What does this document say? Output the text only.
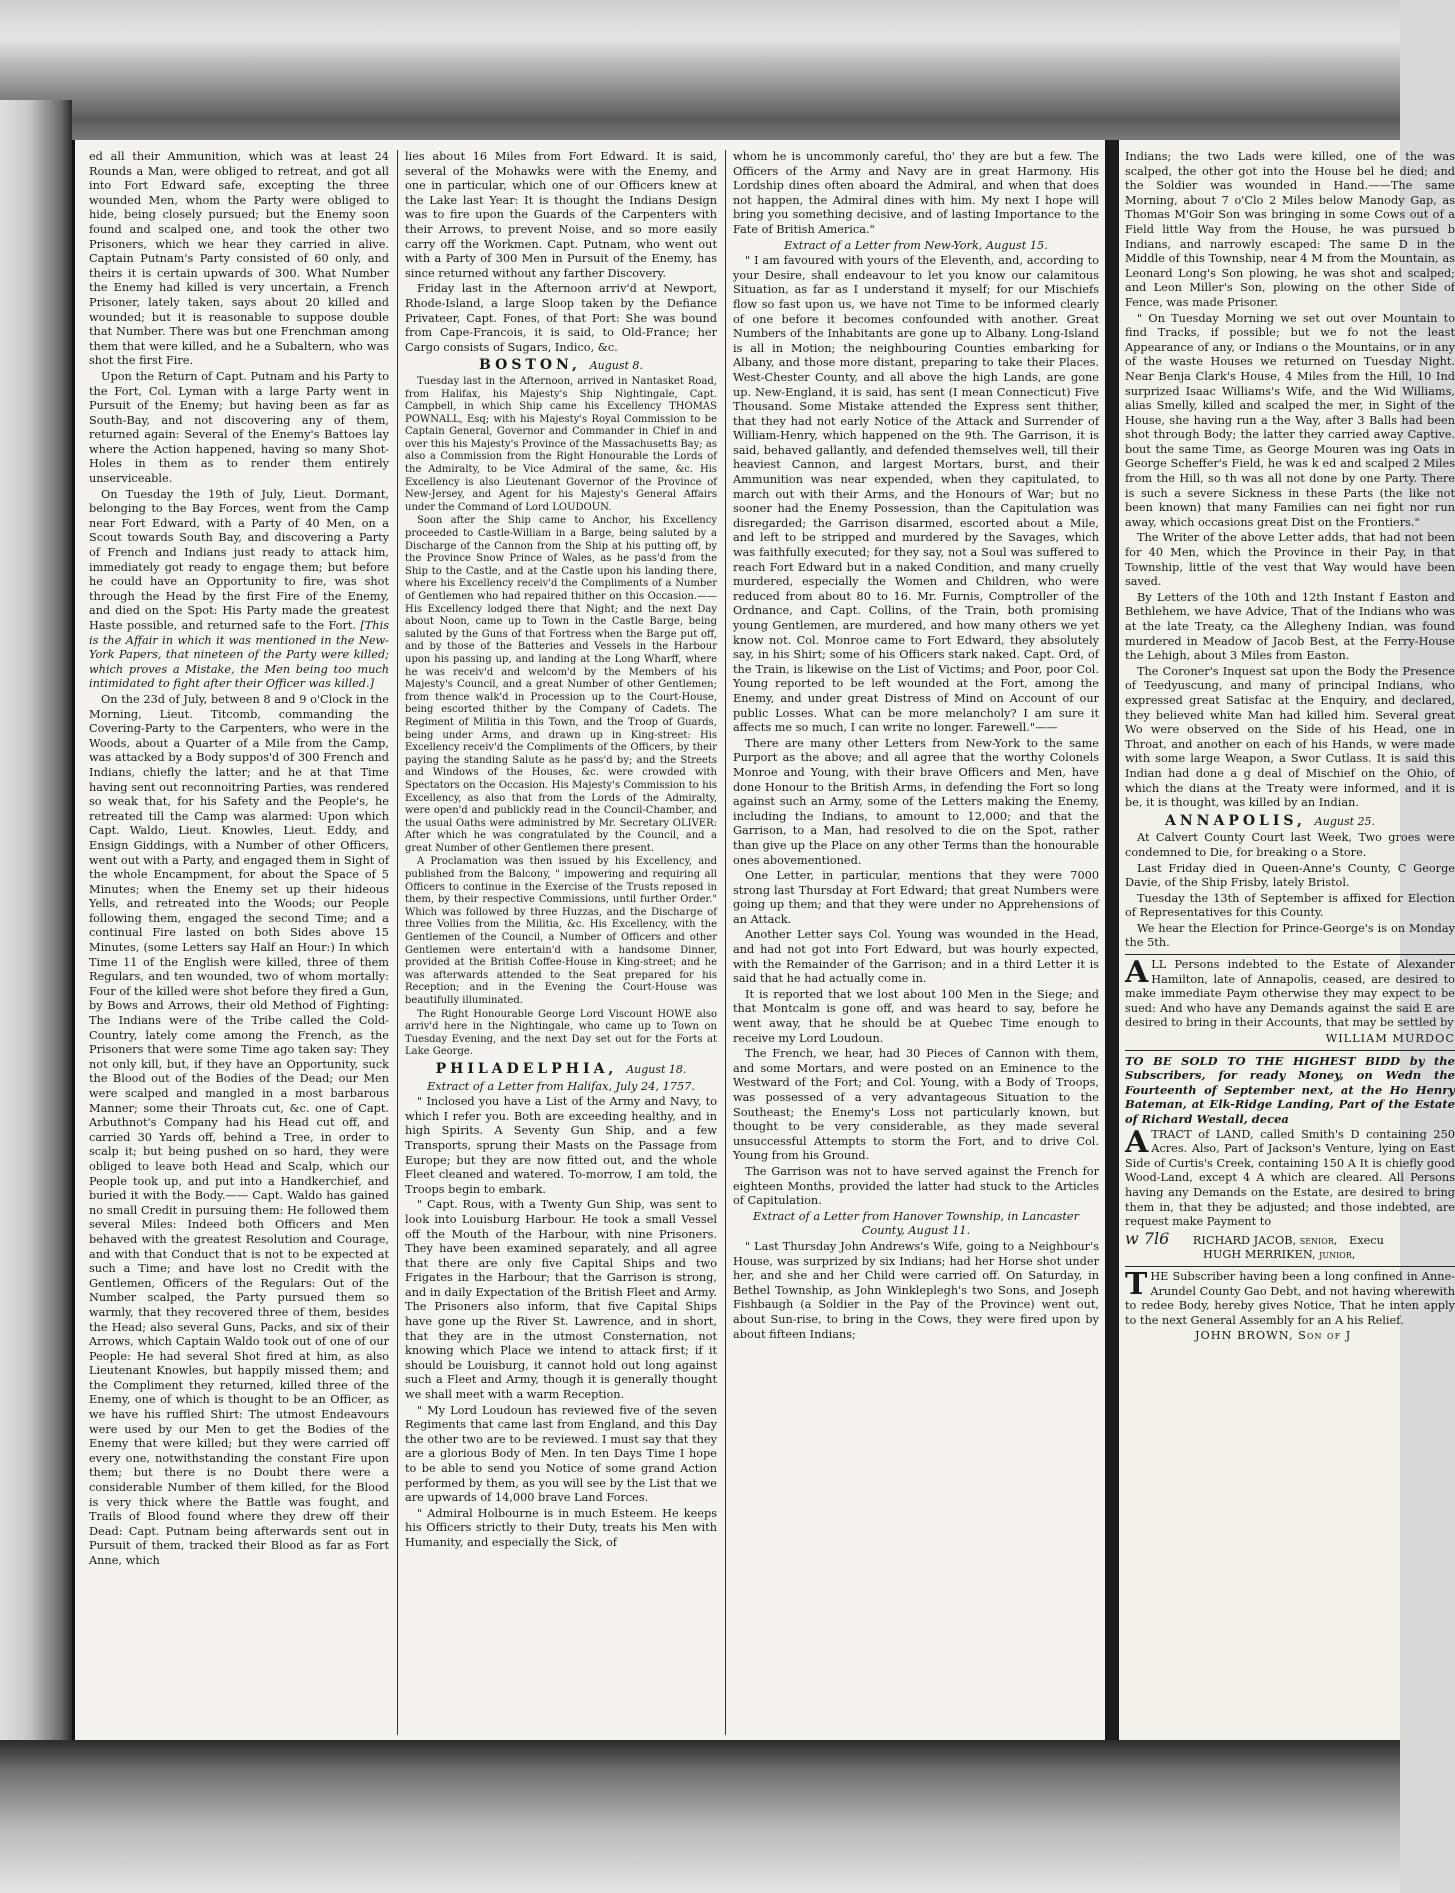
ed all their Ammunition, which was at least 24 Rounds a Man, were obliged to retreat, and got all into Fort Edward safe, excepting the three wounded Men, whom the Party were obliged to hide, being closely pursued; but the Enemy soon found and scalped one, and took the other two Prisoners, which we hear they carried in alive. Captain Putnam's Party consisted of 60 only, and theirs it is certain upwards of 300. What Number the Enemy had killed is very uncertain, a French Prisoner, lately taken, says about 20 killed and wounded; but it is reasonable to suppose double that Number. There was but one Frenchman among them that were killed, and he a Subaltern, who was shot the first Fire.

Upon the Return of Capt. Putnam and his Party to the Fort, Col. Lyman with a large Party went in Pursuit of the Enemy; but having been as far as South-Bay, and not discovering any of them, returned again: Several of the Enemy's Battoes lay where the Action happened, having so many Shot-Holes in them as to render them entirely unserviceable.

On Tuesday the 19th of July, Lieut. Dormant, belonging to the Bay Forces, went from the Camp near Fort Edward, with a Party of 40 Men, on a Scout towards South Bay, and discovering a Party of French and Indians just ready to attack him, immediately got ready to engage them; but before he could have an Opportunity to fire, was shot through the Head by the first Fire of the Enemy, and died on the Spot: His Party made the greatest Haste possible, and returned safe to the Fort. [This is the Affair in which it was mentioned in the New-York Papers, that nineteen of the Party were killed; which proves a Mistake, the Men being too much intimidated to fight after their Officer was killed.]

On the 23d of July, between 8 and 9 o'Clock in the Morning, Lieut. Titcomb, commanding the Covering-Party to the Carpenters, who were in the Woods, about a Quarter of a Mile from the Camp, was attacked by a Body suppos'd of 300 French and Indians, chiefly the latter; and he at that Time having sent out reconnoitring Parties, was rendered so weak that, for his Safety and the People's, he retreated till the Camp was alarmed: Upon which Capt. Waldo, Lieut. Knowles, Lieut. Eddy, and Ensign Giddings, with a Number of other Officers, went out with a Party, and engaged them in Sight of the whole Encampment, for about the Space of 5 Minutes; when the Enemy set up their hideous Yells, and retreated into the Woods; our People following them, engaged the second Time; and a continual Fire lasted on both Sides above 15 Minutes, (some Letters say Half an Hour:) In which Time 11 of the English were killed, three of them Regulars, and ten wounded, two of whom mortally: Four of the killed were shot before they fired a Gun, by Bows and Arrows, their old Method of Fighting: The Indians were of the Tribe called the Cold-Country, lately come among the French, as the Prisoners that were some Time ago taken say: They not only kill, but, if they have an Opportunity, suck the Blood out of the Bodies of the Dead; our Men were scalped and mangled in a most barbarous Manner; some their Throats cut, &c. one of Capt. Arbuthnot's Company had his Head cut off, and carried 30 Yards off, behind a Tree, in order to scalp it; but being pushed on so hard, they were obliged to leave both Head and Scalp, which our People took up, and put into a Handkerchief, and buried it with the Body.—— Capt. Waldo has gained no small Credit in pursuing them: He followed them several Miles: Indeed both Officers and Men behaved with the greatest Resolution and Courage, and with that Conduct that is not to be expected at such a Time; and have lost no Credit with the Gentlemen, Officers of the Regulars: Out of the Number scalped, the Party pursued them so warmly, that they recovered three of them, besides the Head; also several Guns, Packs, and six of their Arrows, which Captain Waldo took out of one of our People: He had several Shot fired at him, as also Lieutenant Knowles, but happily missed them; and the Compliment they returned, killed three of the Enemy, one of which is thought to be an Officer, as we have his ruffled Shirt: The utmost Endeavours were used by our Men to get the Bodies of the Enemy that were killed; but they were carried off every one, notwithstanding the constant Fire upon them; but there is no Doubt there were a considerable Number of them killed, for the Blood is very thick where the Battle was fought, and Trails of Blood found where they drew off their Dead: Capt. Putnam being afterwards sent out in Pursuit of them, tracked their Blood as far as Fort Anne, which

lies about 16 Miles from Fort Edward. It is said, several of the Mohawks were with the Enemy, and one in particular, which one of our Officers knew at the Lake last Year: It is thought the Indians Design was to fire upon the Guards of the Carpenters with their Arrows, to prevent Noise, and so more easily carry off the Workmen. Capt. Putnam, who went out with a Party of 300 Men in Pursuit of the Enemy, has since returned without any farther Discovery.

Friday last in the Afternoon arriv'd at Newport, Rhode-Island, a large Sloop taken by the Defiance Privateer, Capt. Fones, of that Port: She was bound from Cape-Francois, it is said, to Old-France; her Cargo consists of Sugars, Indico, &c.

BOSTON, August 8.

Tuesday last in the Afternoon, arrived in Nantasket Road, from Halifax, his Majesty's Ship Nightingale, Capt. Campbell, in which Ship came his Excellency THOMAS POWNALL, Esq; with his Majesty's Royal Commission to be Captain General, Governor and Commander in Chief in and over this his Majesty's Province of the Massachusetts Bay; as also a Commission from the Right Honourable the Lords of the Admiralty, to be Vice Admiral of the same, &c. His Excellency is also Lieutenant Governor of the Province of New-Jersey, and Agent for his Majesty's General Affairs under the Command of Lord LOUDOUN.

Soon after the Ship came to Anchor, his Excellency proceeded to Castle-William in a Barge, being saluted by a Discharge of the Cannon from the Ship at his putting off, by the Province Snow Prince of Wales, as he pass'd from the Ship to the Castle, and at the Castle upon his landing there, where his Excellency receiv'd the Compliments of a Number of Gentlemen who had repaired thither on this Occasion.——His Excellency lodged there that Night; and the next Day about Noon, came up to Town in the Castle Barge, being saluted by the Guns of that Fortress when the Barge put off, and by those of the Batteries and Vessels in the Harbour upon his passing up, and landing at the Long Wharff, where he was receiv'd and welcom'd by the Members of his Majesty's Council, and a great Number of other Gentlemen; from thence walk'd in Procession up to the Court-House, being escorted thither by the Company of Cadets. The Regiment of Militia in this Town, and the Troop of Guards, being under Arms, and drawn up in King-street: His Excellency receiv'd the Compliments of the Officers, by their paying the standing Salute as he pass'd by; and the Streets and Windows of the Houses, &c. were crowded with Spectators on the Occasion. His Majesty's Commission to his Excellency, as also that from the Lords of the Admiralty, were open'd and publickly read in the Council-Chamber, and the usual Oaths were administred by Mr. Secretary OLIVER: After which he was congratulated by the Council, and a great Number of other Gentlemen there present.

A Proclamation was then issued by his Excellency, and published from the Balcony, " impowering and requiring all Officers to continue in the Exercise of the Trusts reposed in them, by their respective Commissions, until further Order." Which was followed by three Huzzas, and the Discharge of three Vollies from the Militia, &c. His Excellency, with the Gentlemen of the Council, a Number of Officers and other Gentlemen were entertain'd with a handsome Dinner, provided at the British Coffee-House in King-street; and he was afterwards attended to the Seat prepared for his Reception; and in the Evening the Court-House was beautifully illuminated.

The Right Honourable George Lord Viscount HOWE also arriv'd here in the Nightingale, who came up to Town on Tuesday Evening, and the next Day set out for the Forts at Lake George.

PHILADELPHIA, August 18.

Extract of a Letter from Halifax, July 24, 1757.

" Inclosed you have a List of the Army and Navy, to which I refer you. Both are exceeding healthy, and in high Spirits. A Seventy Gun Ship, and a few Transports, sprung their Masts on the Passage from Europe; but they are now fitted out, and the whole Fleet cleaned and watered. To-morrow, I am told, the Troops begin to embark.

" Capt. Rous, with a Twenty Gun Ship, was sent to look into Louisburg Harbour. He took a small Vessel off the Mouth of the Harbour, with nine Prisoners. They have been examined separately, and all agree that there are only five Capital Ships and two Frigates in the Harbour; that the Garrison is strong, and in daily Expectation of the British Fleet and Army. The Prisoners also inform, that five Capital Ships have gone up the River St. Lawrence, and in short, that they are in the utmost Consternation, not knowing which Place we intend to attack first; if it should be Louisburg, it cannot hold out long against such a Fleet and Army, though it is generally thought we shall meet with a warm Reception.

" My Lord Loudoun has reviewed five of the seven Regiments that came last from England, and this Day the other two are to be reviewed. I must say that they are a glorious Body of Men. In ten Days Time I hope to be able to send you Notice of some grand Action performed by them, as you will see by the List that we are upwards of 14,000 brave Land Forces.

" Admiral Holbourne is in much Esteem. He keeps his Officers strictly to their Duty, treats his Men with Humanity, and especially the Sick, of

whom he is uncommonly careful, tho' they are but a few. The Officers of the Army and Navy are in great Harmony. His Lordship dines often aboard the Admiral, and when that does not happen, the Admiral dines with him. My next I hope will bring you something decisive, and of lasting Importance to the Fate of British America."

Extract of a Letter from New-York, August 15.

" I am favoured with yours of the Eleventh, and, according to your Desire, shall endeavour to let you know our calamitous Situation, as far as I understand it myself; for our Mischiefs flow so fast upon us, we have not Time to be informed clearly of one before it becomes confounded with another. Great Numbers of the Inhabitants are gone up to Albany. Long-Island is all in Motion; the neighbouring Counties embarking for Albany, and those more distant, preparing to take their Places. West-Chester County, and all above the high Lands, are gone up. New-England, it is said, has sent (I mean Connecticut) Five Thousand. Some Mistake attended the Express sent thither, that they had not early Notice of the Attack and Surrender of William-Henry, which happened on the 9th. The Garrison, it is said, behaved gallantly, and defended themselves well, till their heaviest Cannon, and largest Mortars, burst, and their Ammunition was near expended, when they capitulated, to march out with their Arms, and the Honours of War; but no sooner had the Enemy Possession, than the Capitulation was disregarded; the Garrison disarmed, escorted about a Mile, and left to be stripped and murdered by the Savages, which was faithfully executed; for they say, not a Soul was suffered to reach Fort Edward but in a naked Condition, and many cruelly murdered, especially the Women and Children, who were reduced from about 80 to 16. Mr. Furnis, Comptroller of the Ordnance, and Capt. Collins, of the Train, both promising young Gentlemen, are murdered, and how many others we yet know not. Col. Monroe came to Fort Edward, they absolutely say, in his Shirt; some of his Officers stark naked. Capt. Ord, of the Train, is likewise on the List of Victims; and Poor, poor Col. Young reported to be left wounded at the Fort, among the Enemy, and under great Distress of Mind on Account of our public Losses. What can be more melancholy? I am sure it affects me so much, I can write no longer. Farewell."——

There are many other Letters from New-York to the same Purport as the above; and all agree that the worthy Colonels Monroe and Young, with their brave Officers and Men, have done Honour to the British Arms, in defending the Fort so long against such an Army, some of the Letters making the Enemy, including the Indians, to amount to 12,000; and that the Garrison, to a Man, had resolved to die on the Spot, rather than give up the Place on any other Terms than the honourable ones abovementioned.

One Letter, in particular, mentions that they were 7000 strong last Thursday at Fort Edward; that great Numbers were going up them; and that they were under no Apprehensions of an Attack.

Another Letter says Col. Young was wounded in the Head, and had not got into Fort Edward, but was hourly expected, with the Remainder of the Garrison; and in a third Letter it is said that he had actually come in.

It is reported that we lost about 100 Men in the Siege; and that Montcalm is gone off, and was heard to say, before he went away, that he should be at Quebec Time enough to receive my Lord Loudoun.

The French, we hear, had 30 Pieces of Cannon with them, and some Mortars, and were posted on an Eminence to the Westward of the Fort; and Col. Young, with a Body of Troops, was possessed of a very advantageous Situation to the Southeast; the Enemy's Loss not particularly known, but thought to be very considerable, as they made several unsuccessful Attempts to storm the Fort, and to drive Col. Young from his Ground.

The Garrison was not to have served against the French for eighteen Months, provided the latter had stuck to the Articles of Capitulation.

Extract of a Letter from Hanover Township, in Lancaster County, August 11.

" Last Thursday John Andrews's Wife, going to a Neighbour's House, was surprized by six Indians; had her Horse shot under her, and she and her Child were carried off. On Saturday, in Bethel Township, as John Winkleplegh's two Sons, and Joseph Fishbaugh (a Soldier in the Pay of the Province) went out, about Sun-rise, to bring in the Cows, they were fired upon by about fifteen Indians;

Indians; the two Lads were killed, one of the was scalped, the other got into the House bel he died; and the Soldier was wounded in Hand.——The same Morning, about 7 o'Clo 2 Miles below Manody Gap, as Thomas M'Goir Son was bringing in some Cows out of a Field little Way from the House, he was pursued b Indians, and narrowly escaped: The same D in the Middle of this Township, near 4 M from the Mountain, as Leonard Long's Son plowing, he was shot and scalped; and Leon Miller's Son, plowing on the other Side of Fence, was made Prisoner.

" On Tuesday Morning we set out over Mountain to find Tracks, if possible; but we fo not the least Appearance of any, or Indians o the Mountains, or in any of the waste Houses we returned on Tuesday Night. Near Benja Clark's House, 4 Miles from the Hill, 10 Ind surprized Isaac Williams's Wife, and the Wid Williams, alias Smelly, killed and scalped the mer, in Sight of the House, she having run a the Way, after 3 Balls had been shot through Body; the latter they carried away Captive. bout the same Time, as George Mouren was ing Oats in George Scheffer's Field, he was k ed and scalped 2 Miles from the Hill, so th was all not done by one Party. There is such a severe Sickness in these Parts (the like not been known) that many Families can nei fight nor run away, which occasions great Dist on the Frontiers."

The Writer of the above Letter adds, that had not been for 40 Men, which the Province in their Pay, in that Township, little of the vest that Way would have been saved.

By Letters of the 10th and 12th Instant f Easton and Bethlehem, we have Advice, That of the Indians who was at the late Treaty, ca the Allegheny Indian, was found murdered in Meadow of Jacob Best, at the Ferry-House the Lehigh, about 3 Miles from Easton.

The Coroner's Inquest sat upon the Body the Presence of Teedyuscung, and many of principal Indians, who expressed great Satisfac at the Enquiry, and declared, they believed white Man had killed him. Several great Wo were observed on the Side of his Head, one in Throat, and another on each of his Hands, w were made with some large Weapon, a Swor Cutlass. It is said this Indian had done a g deal of Mischief on the Ohio, of which the dians at the Treaty were informed, and it is be, it is thought, was killed by an Indian.

ANNAPOLIS, August 25.

At Calvert County Court last Week, Two groes were condemned to Die, for breaking o a Store.

Last Friday died in Queen-Anne's County, C George Davie, of the Ship Frisby, lately Bristol.

Tuesday the 13th of September is affixed for Election of Representatives for this County.

We hear the Election for Prince-George's is on Monday the 5th.

ALL Persons indebted to the Estate of Alexander Hamilton, late of Annapolis, ceased, are desired to make immediate Paym otherwise they may expect to be sued: And who have any Demands against the said E are desired to bring in their Accounts, that may be settled by

WILLIAM MURDOC

TO BE SOLD TO THE HIGHEST BIDD by the Subscribers, for ready Money, on Wedn the Fourteenth of September next, at the Ho Henry Bateman, at Elk-Ridge Landing, Part of the Estate of Richard Westall, decea

ATRACT of LAND, called Smith's D containing 250 Acres. Also, Part of Jackson's Venture, lying on East Side of Curtis's Creek, containing 150 A It is chiefly good Wood-Land, except 4 A which are cleared. All Persons having any Demands on the Estate, are desired to bring them in, that they be adjusted; and those indebted, are request make Payment to

w 7l6 RICHARD JACOB, senior, Execu
HUGH MERRIKEN, junior,

THE Subscriber having been a long confined in Anne-Arundel County Gao Debt, and not having wherewith to redee Body, hereby gives Notice, That he inten apply to the next General Assembly for an A his Relief.

JOHN BROWN, Son of J
